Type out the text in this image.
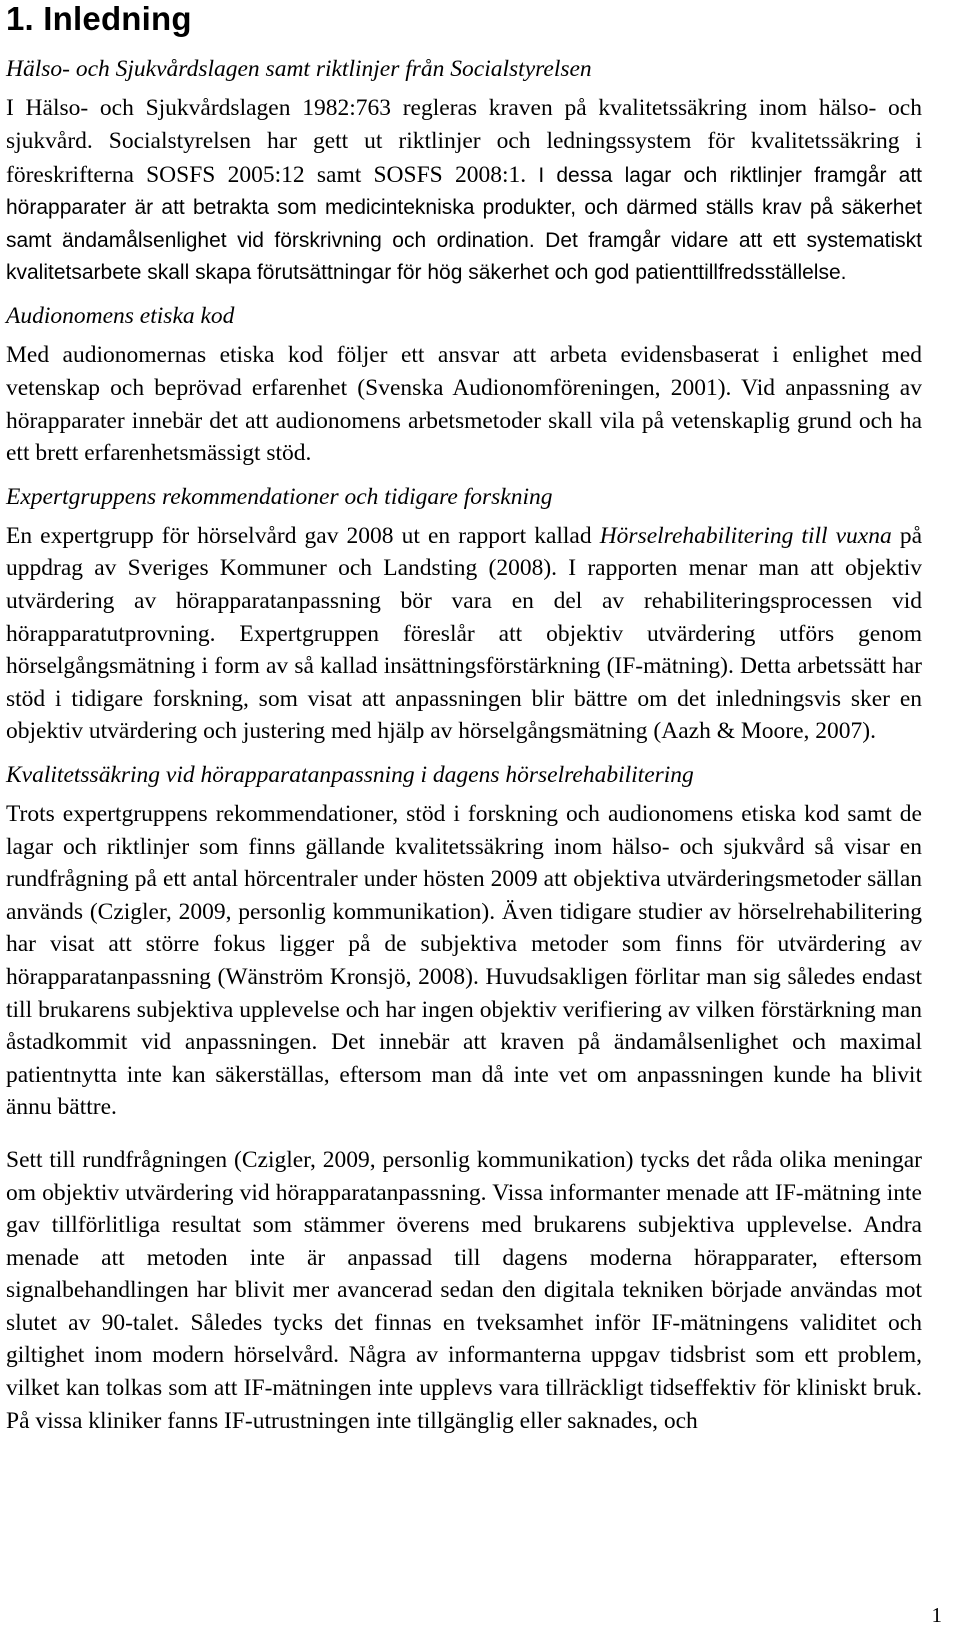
1. Inledning
Hälso- och Sjukvårdslagen samt riktlinjer från Socialstyrelsen

I Hälso- och Sjukvårdslagen 1982:763 regleras kraven på kvalitetssäkring inom hälso- och sjukvård. Socialstyrelsen har gett ut riktlinjer och ledningssystem för kvalitetssäkring i föreskrifterna SOSFS 2005:12 samt SOSFS 2008:1. I dessa lagar och riktlinjer framgår att hörapparater är att betrakta som medicintekniska produkter, och därmed ställs krav på säkerhet samt ändamålsenlighet vid förskrivning och ordination. Det framgår vidare att ett systematiskt kvalitetsarbete skall skapa förutsättningar för hög säkerhet och god patienttillfredsställelse.

Audionomens etiska kod

Med audionomernas etiska kod följer ett ansvar att arbeta evidensbaserat i enlighet med vetenskap och beprövad erfarenhet (Svenska Audionomföreningen, 2001). Vid anpassning av hörapparater innebär det att audionomens arbetsmetoder skall vila på vetenskaplig grund och ha ett brett erfarenhetsmässigt stöd.

Expertgruppens rekommendationer och tidigare forskning

En expertgrupp för hörselvård gav 2008 ut en rapport kallad Hörselrehabilitering till vuxna på uppdrag av Sveriges Kommuner och Landsting (2008). I rapporten menar man att objektiv utvärdering av hörapparatanpassning bör vara en del av rehabiliteringsprocessen vid hörapparatutprovning. Expertgruppen föreslår att objektiv utvärdering utförs genom hörselgångsmätning i form av så kallad insättningsförstärkning (IF-mätning). Detta arbetssätt har stöd i tidigare forskning, som visat att anpassningen blir bättre om det inledningsvis sker en objektiv utvärdering och justering med hjälp av hörselgångsmätning (Aazh & Moore, 2007).

Kvalitetssäkring vid hörapparatanpassning i dagens hörselrehabilitering

Trots expertgruppens rekommendationer, stöd i forskning och audionomens etiska kod samt de lagar och riktlinjer som finns gällande kvalitetssäkring inom hälso- och sjukvård så visar en rundfrågning på ett antal hörcentraler under hösten 2009 att objektiva utvärderingsmetoder sällan används (Czigler, 2009, personlig kommunikation). Även tidigare studier av hörselrehabilitering har visat att större fokus ligger på de subjektiva metoder som finns för utvärdering av hörapparatanpassning (Wänström Kronsjö, 2008). Huvudsakligen förlitar man sig således endast till brukarens subjektiva upplevelse och har ingen objektiv verifiering av vilken förstärkning man åstadkommit vid anpassningen. Det innebär att kraven på ändamålsenlighet och maximal patientnytta inte kan säkerställas, eftersom man då inte vet om anpassningen kunde ha blivit ännu bättre.

Sett till rundfrågningen (Czigler, 2009, personlig kommunikation) tycks det råda olika meningar om objektiv utvärdering vid hörapparatanpassning. Vissa informanter menade att IF-mätning inte gav tillförlitliga resultat som stämmer överens med brukarens subjektiva upplevelse. Andra menade att metoden inte är anpassad till dagens moderna hörapparater, eftersom signalbehandlingen har blivit mer avancerad sedan den digitala tekniken började användas mot slutet av 90-talet. Således tycks det finnas en tveksamhet inför IF-mätningens validitet och giltighet inom modern hörselvård. Några av informanterna uppgav tidsbrist som ett problem, vilket kan tolkas som att IF-mätningen inte upplevs vara tillräckligt tidseffektiv för kliniskt bruk. På vissa kliniker fanns IF-utrustningen inte tillgänglig eller saknades, och

1
